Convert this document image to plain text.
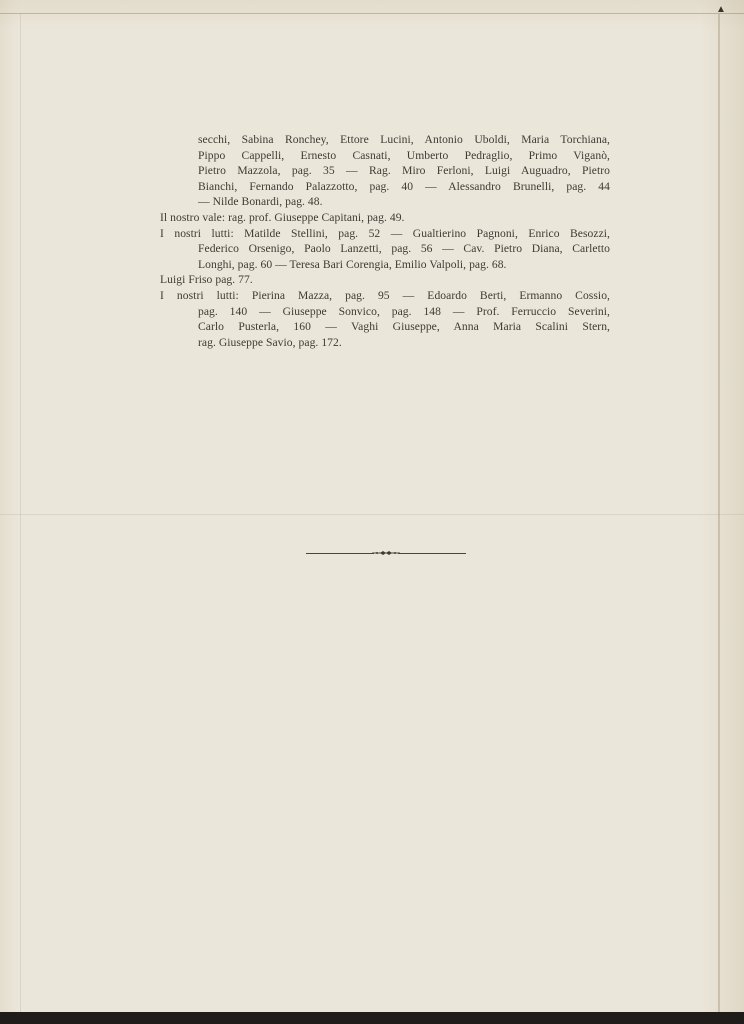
▲

secchi, Sabina Ronchey, Ettore Lucini, Antonio Uboldi, Maria Torchiana,
Pippo Cappelli, Ernesto Casnati, Umberto Pedraglio, Primo Viganò,
Pietro Mazzola, pag. 35 — Rag. Miro Ferloni, Luigi Auguadro, Pietro
Bianchi, Fernando Palazzotto, pag. 40 — Alessandro Brunelli, pag. 44
— Nilde Bonardi, pag. 48.

Il nostro vale: rag. prof. Giuseppe Capitani, pag. 49.

I nostri lutti: Matilde Stellini, pag. 52 — Gualtierino Pagnoni, Enrico Besozzi,
Federico Orsenigo, Paolo Lanzetti, pag. 56 — Cav. Pietro Diana, Carletto
Longhi, pag. 60 — Teresa Bari Corengia, Emilio Valpoli, pag. 68.

Luigi Friso pag. 77.

I nostri lutti: Pierina Mazza, pag. 95 — Edoardo Berti, Ermanno Cossio,
pag. 140 — Giuseppe Sonvico, pag. 148 — Prof. Ferruccio Severini,
Carlo Pusterla, 160 — Vaghi Giuseppe, Anna Maria Scalini Stern,
rag. Giuseppe Savio, pag. 172.
